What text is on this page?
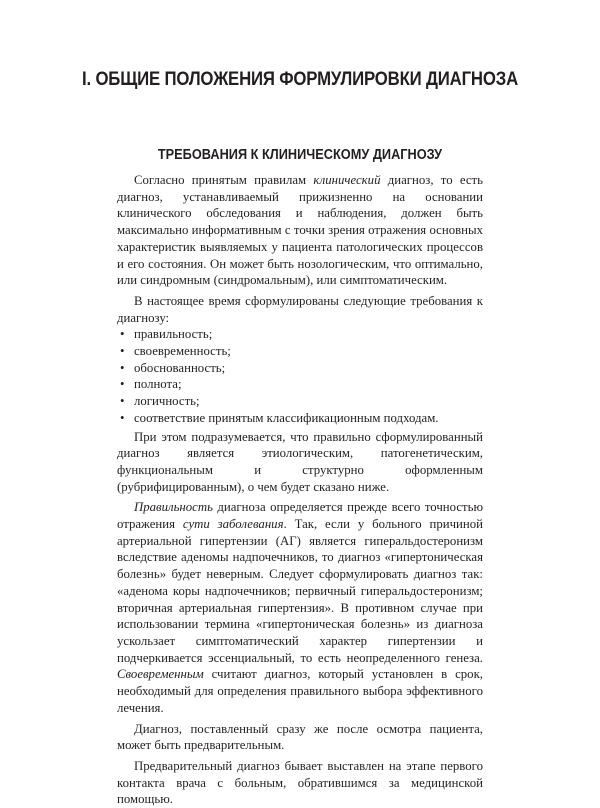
I. ОБЩИЕ ПОЛОЖЕНИЯ ФОРМУЛИРОВКИ ДИАГНОЗА
ТРЕБОВАНИЯ К КЛИНИЧЕСКОМУ ДИАГНОЗУ

Согласно принятым правилам клинический диагноз, то есть диагноз, устанавливаемый прижизненно на основании клинического обследования и наблюдения, должен быть максимально информативным с точки зрения отражения основных характеристик выявляемых у пациента патологических процессов и его состояния. Он может быть нозологическим, что оптимально, или синдромным (синдромальным), или симптоматическим.

В настоящее время сформулированы следующие требования к диагнозу:

• правильность;
• своевременность;
• обоснованность;
• полнота;
• логичность;
• соответствие принятым классификационным подходам.

При этом подразумевается, что правильно сформулированный диагноз является этиологическим, патогенетическим, функциональным и структурно оформленным (рубрифицированным), о чем будет сказано ниже.

Правильность диагноза определяется прежде всего точностью отражения сути заболевания. Так, если у больного причиной артериальной гипертензии (АГ) является гиперальдостеронизм вследствие аденомы надпочечников, то диагноз «гипертоническая болезнь» будет неверным. Следует сформулировать диагноз так: «аденома коры надпочечников; первичный гиперальдостеронизм; вторичная артериальная гипертензия». В противном случае при использовании термина «гипертоническая болезнь» из диагноза ускользает симптоматический характер гипертензии и подчеркивается эссенциальный, то есть неопределенного генеза. Своевременным считают диагноз, который установлен в срок, необходимый для определения правильного выбора эффективного лечения.

Диагноз, поставленный сразу же после осмотра пациента, может быть предварительным.

Предварительный диагноз бывает выставлен на этапе первого контакта врача с больным, обратившимся за медицинской помощью.
